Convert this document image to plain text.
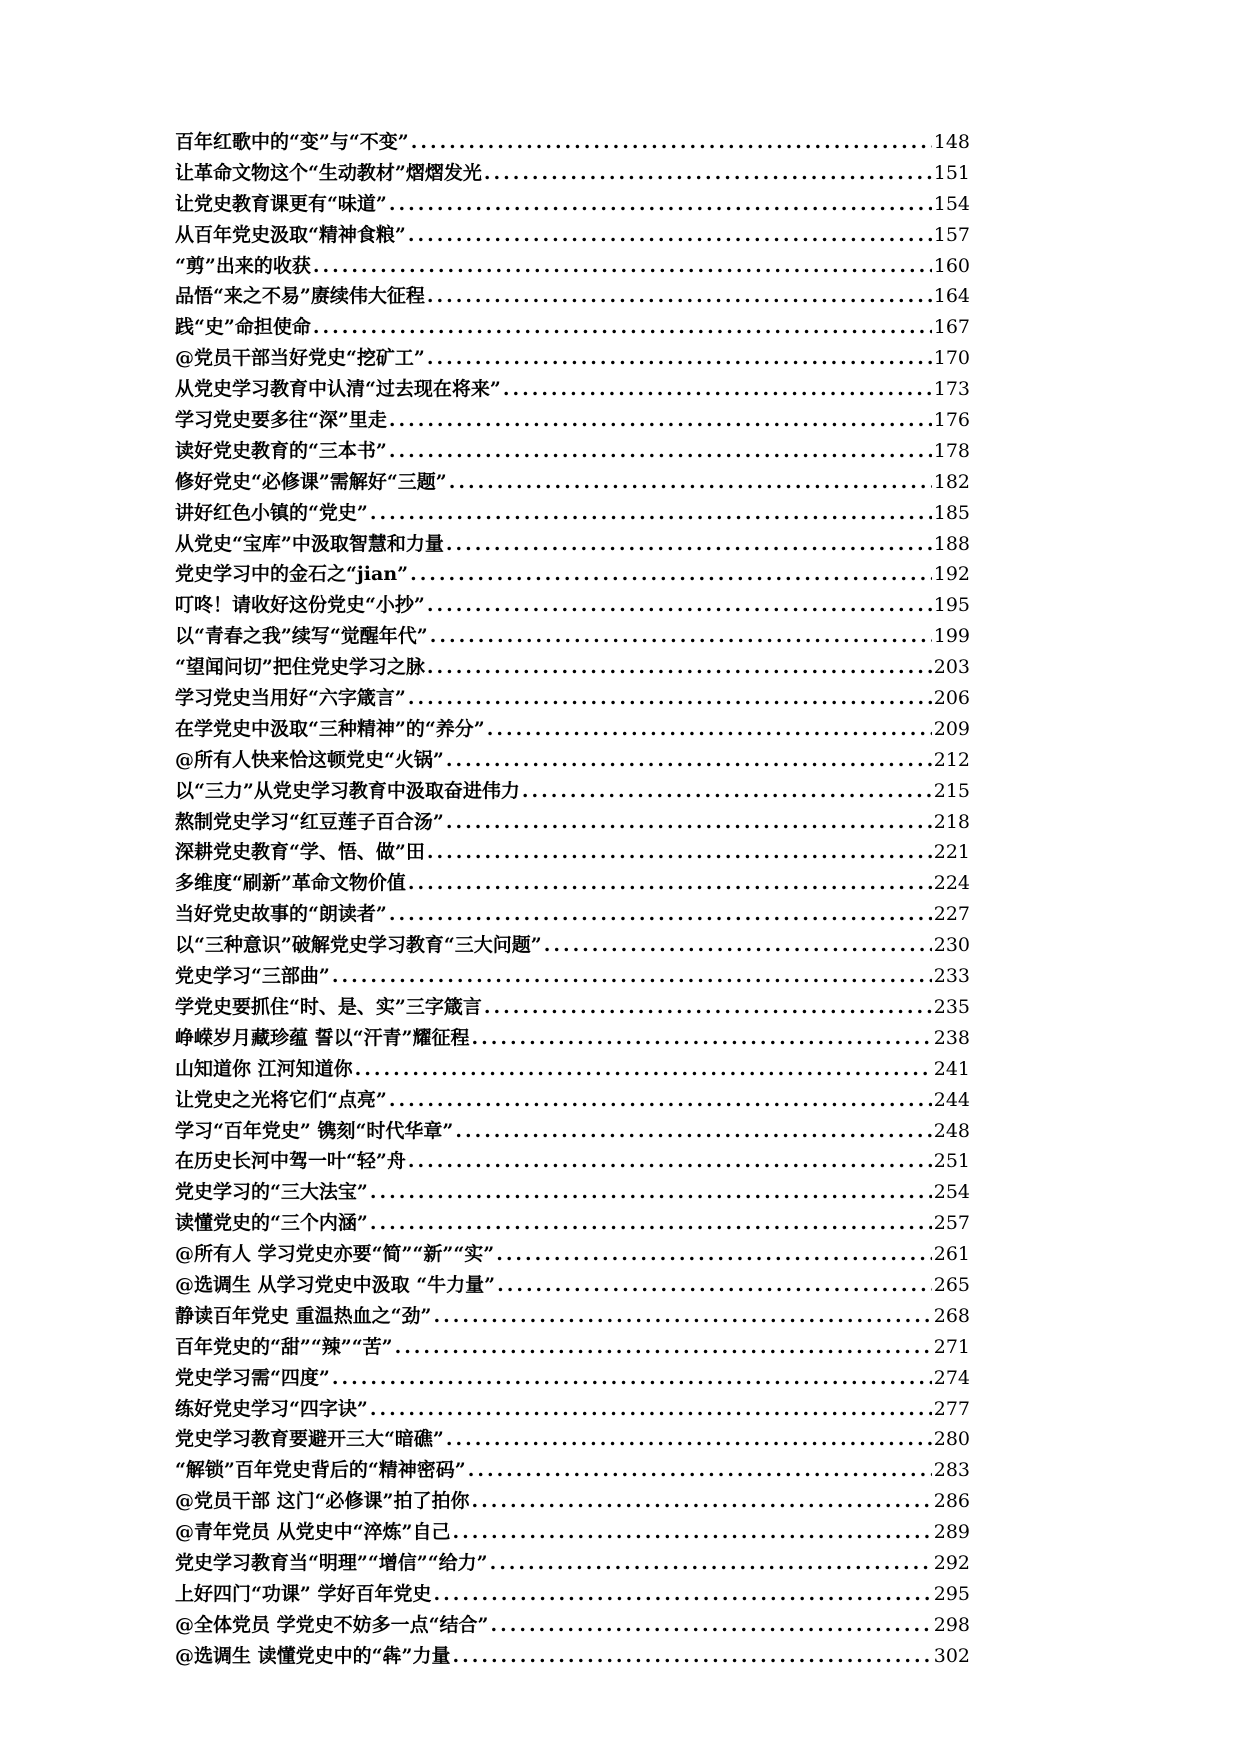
百年红歌中的“变”与“不变” .....	148
让革命文物这个“生动教材”熠熠发光 .....	151
让党史教育课更有“味道” .....	154
从百年党史汲取“精神食粮” .....	157
“剪”出来的收获 .....	160
品悟“来之不易”赓续伟大征程 .....	164
践“史”命担使命 .....	167
@党员干部当好党史“挖矿工” .....	170
从党史学习教育中认清“过去现在将来” .....	173
学习党史要多往“深”里走 .....	176
读好党史教育的“三本书” .....	178
修好党史“必修课”需解好“三题” .....	182
讲好红色小镇的“党史” .....	185
从党史“宝库”中汲取智慧和力量 .....	188
党史学习中的金石之“jian” .....	192
叮咚！请收好这份党史“小抄” .....	195
以“青春之我”续写“觉醒年代” .....	199
“望闻问切”把住党史学习之脉 .....	203
学习党史当用好“六字箴言” .....	206
在学党史中汲取“三种精神”的“养分” .....	209
@所有人快来恰这顿党史“火锅” .....	212
以“三力”从党史学习教育中汲取奋进伟力 .....	215
熬制党史学习“红豆莲子百合汤” .....	218
深耕党史教育“学、悟、做”田 .....	221
多维度“刷新”革命文物价值 .....	224
当好党史故事的“朗读者” .....	227
以“三种意识”破解党史学习教育“三大问题” .....	230
党史学习“三部曲” .....	233
学党史要抓住“时、是、实”三字箴言 .....	235
峥嵘岁月藏珍蕴 誓以“汗青”耀征程 .....	238
山知道你 江河知道你 .....	241
让党史之光将它们“点亮” .....	244
学习“百年党史” 镌刻“时代华章” .....	248
在历史长河中驾一叶“轻”舟 .....	251
党史学习的“三大法宝” .....	254
读懂党史的“三个内涵” .....	257
@所有人 学习党史亦要“简”“新”“实” .....	261
@选调生 从学习党史中汲取 “牛力量” .....	265
静读百年党史 重温热血之“劲” .....	268
百年党史的“甜”“辣”“苦” .....	271
党史学习需“四度” .....	274
练好党史学习“四字诀” .....	277
党史学习教育要避开三大“暗礁” .....	280
“解锁”百年党史背后的“精神密码” .....	283
@党员干部 这门“必修课”拍了拍你 .....	286
@青年党员 从党史中“淬炼”自己 .....	289
党史学习教育当“明理”“增信”“给力” .....	292
上好四门“功课” 学好百年党史 .....	295
@全体党员 学党史不妨多一点“结合” .....	298
@选调生 读懂党史中的“犇”力量 .....	302
